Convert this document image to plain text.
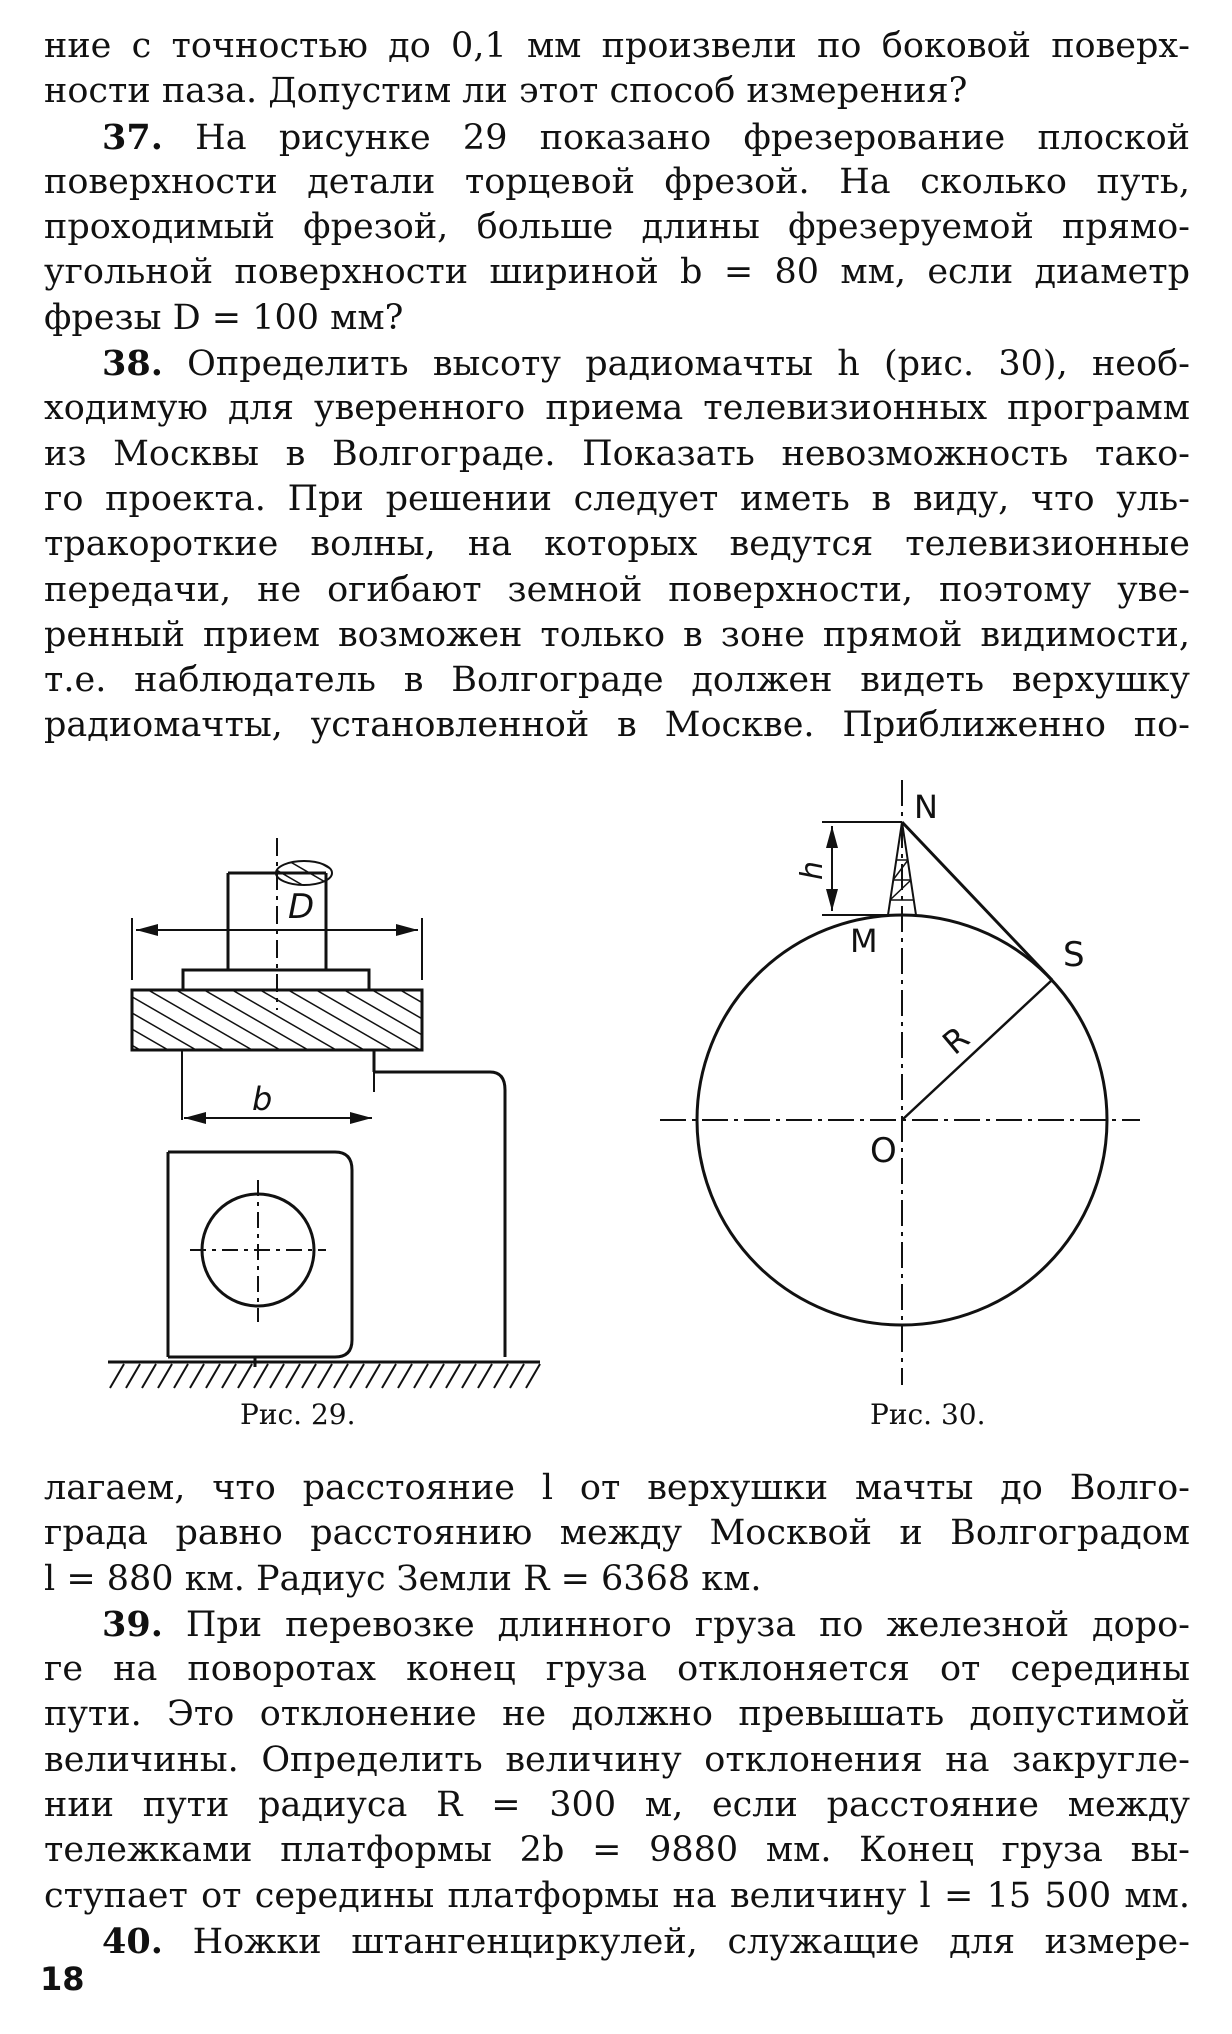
ние с точностью до 0,1 мм произвели по боковой поверх-
ности паза. Допустим ли этот способ измерения?
37. На рисунке 29 показано фрезерование плоской
повеpхности детали торцевой фрезой. На сколько путь,
проходимый фрезой, больше длины фрезеруемой прямо-
угольной поверхности шириной b = 80 мм, если диаметр
фрезы D = 100 мм?
38. Определить высоту радиомачты h (рис. 30), необ-
ходимую для уверенного приема телевизионных программ
из Москвы в Волгограде. Показать невозможность тако-
го проекта. При решении следует иметь в виду, что уль-
тракороткие волны, на которых ведутся телевизионные
передачи, не огибают земной поверхности, поэтому уве-
ренный прием возможен только в зоне прямой видимости,
т.е. наблюдатель в Волгограде должен видеть верхушку
радиомачты, установленной в Москве. Приближенно по-
D
b
N
h
M	S
R
O
Рис. 29.	Рис. 30.
лагаем, что расстояние l от верхушки мачты до Волго-
града равно расстоянию между Москвой и Волгоградом
l = 880 км. Радиус Земли R = 6368 км.
39. При перевозке длинного груза по железной доро-
ге на поворотах конец груза отклоняется от середины
пути. Это отклонение не должно превышать допустимой
величины. Определить величину отклонения на закругле-
нии пути радиуса R = 300 м, если расстояние между
тележками платформы 2b = 9880 мм. Конец груза вы-
ступает от середины платформы на величину l = 15 500 мм.
40. Ножки штангенциркулей, служащие для измере-
18
